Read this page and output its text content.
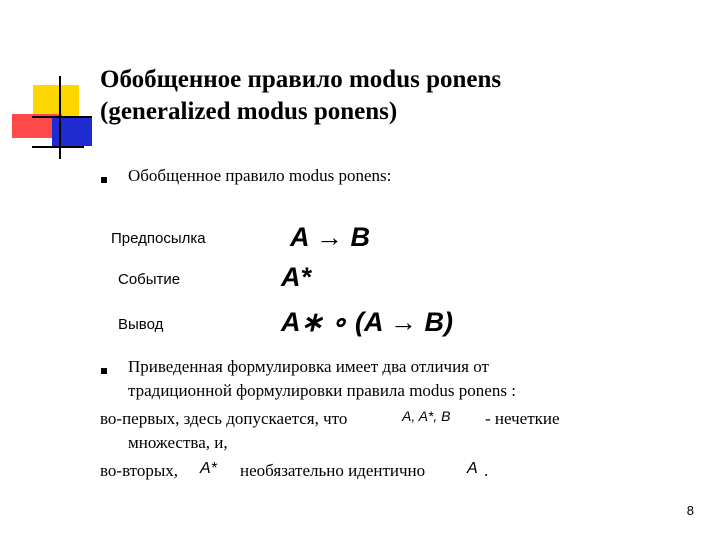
Обобщенное правило modus ponens
(generalized modus ponens)
Обобщенное правило modus ponens:
Предпосылка	A → B
Событие	A*
Вывод	A∗ ∘ (A → B)
Приведенная формулировка имеет два отличия от
традиционной формулировки правила modus ponens :
во-первых, здесь допускается, что	A, A*, B - нечеткие
множества, и,
во-вторых, A* необязательно идентично	A .
8
